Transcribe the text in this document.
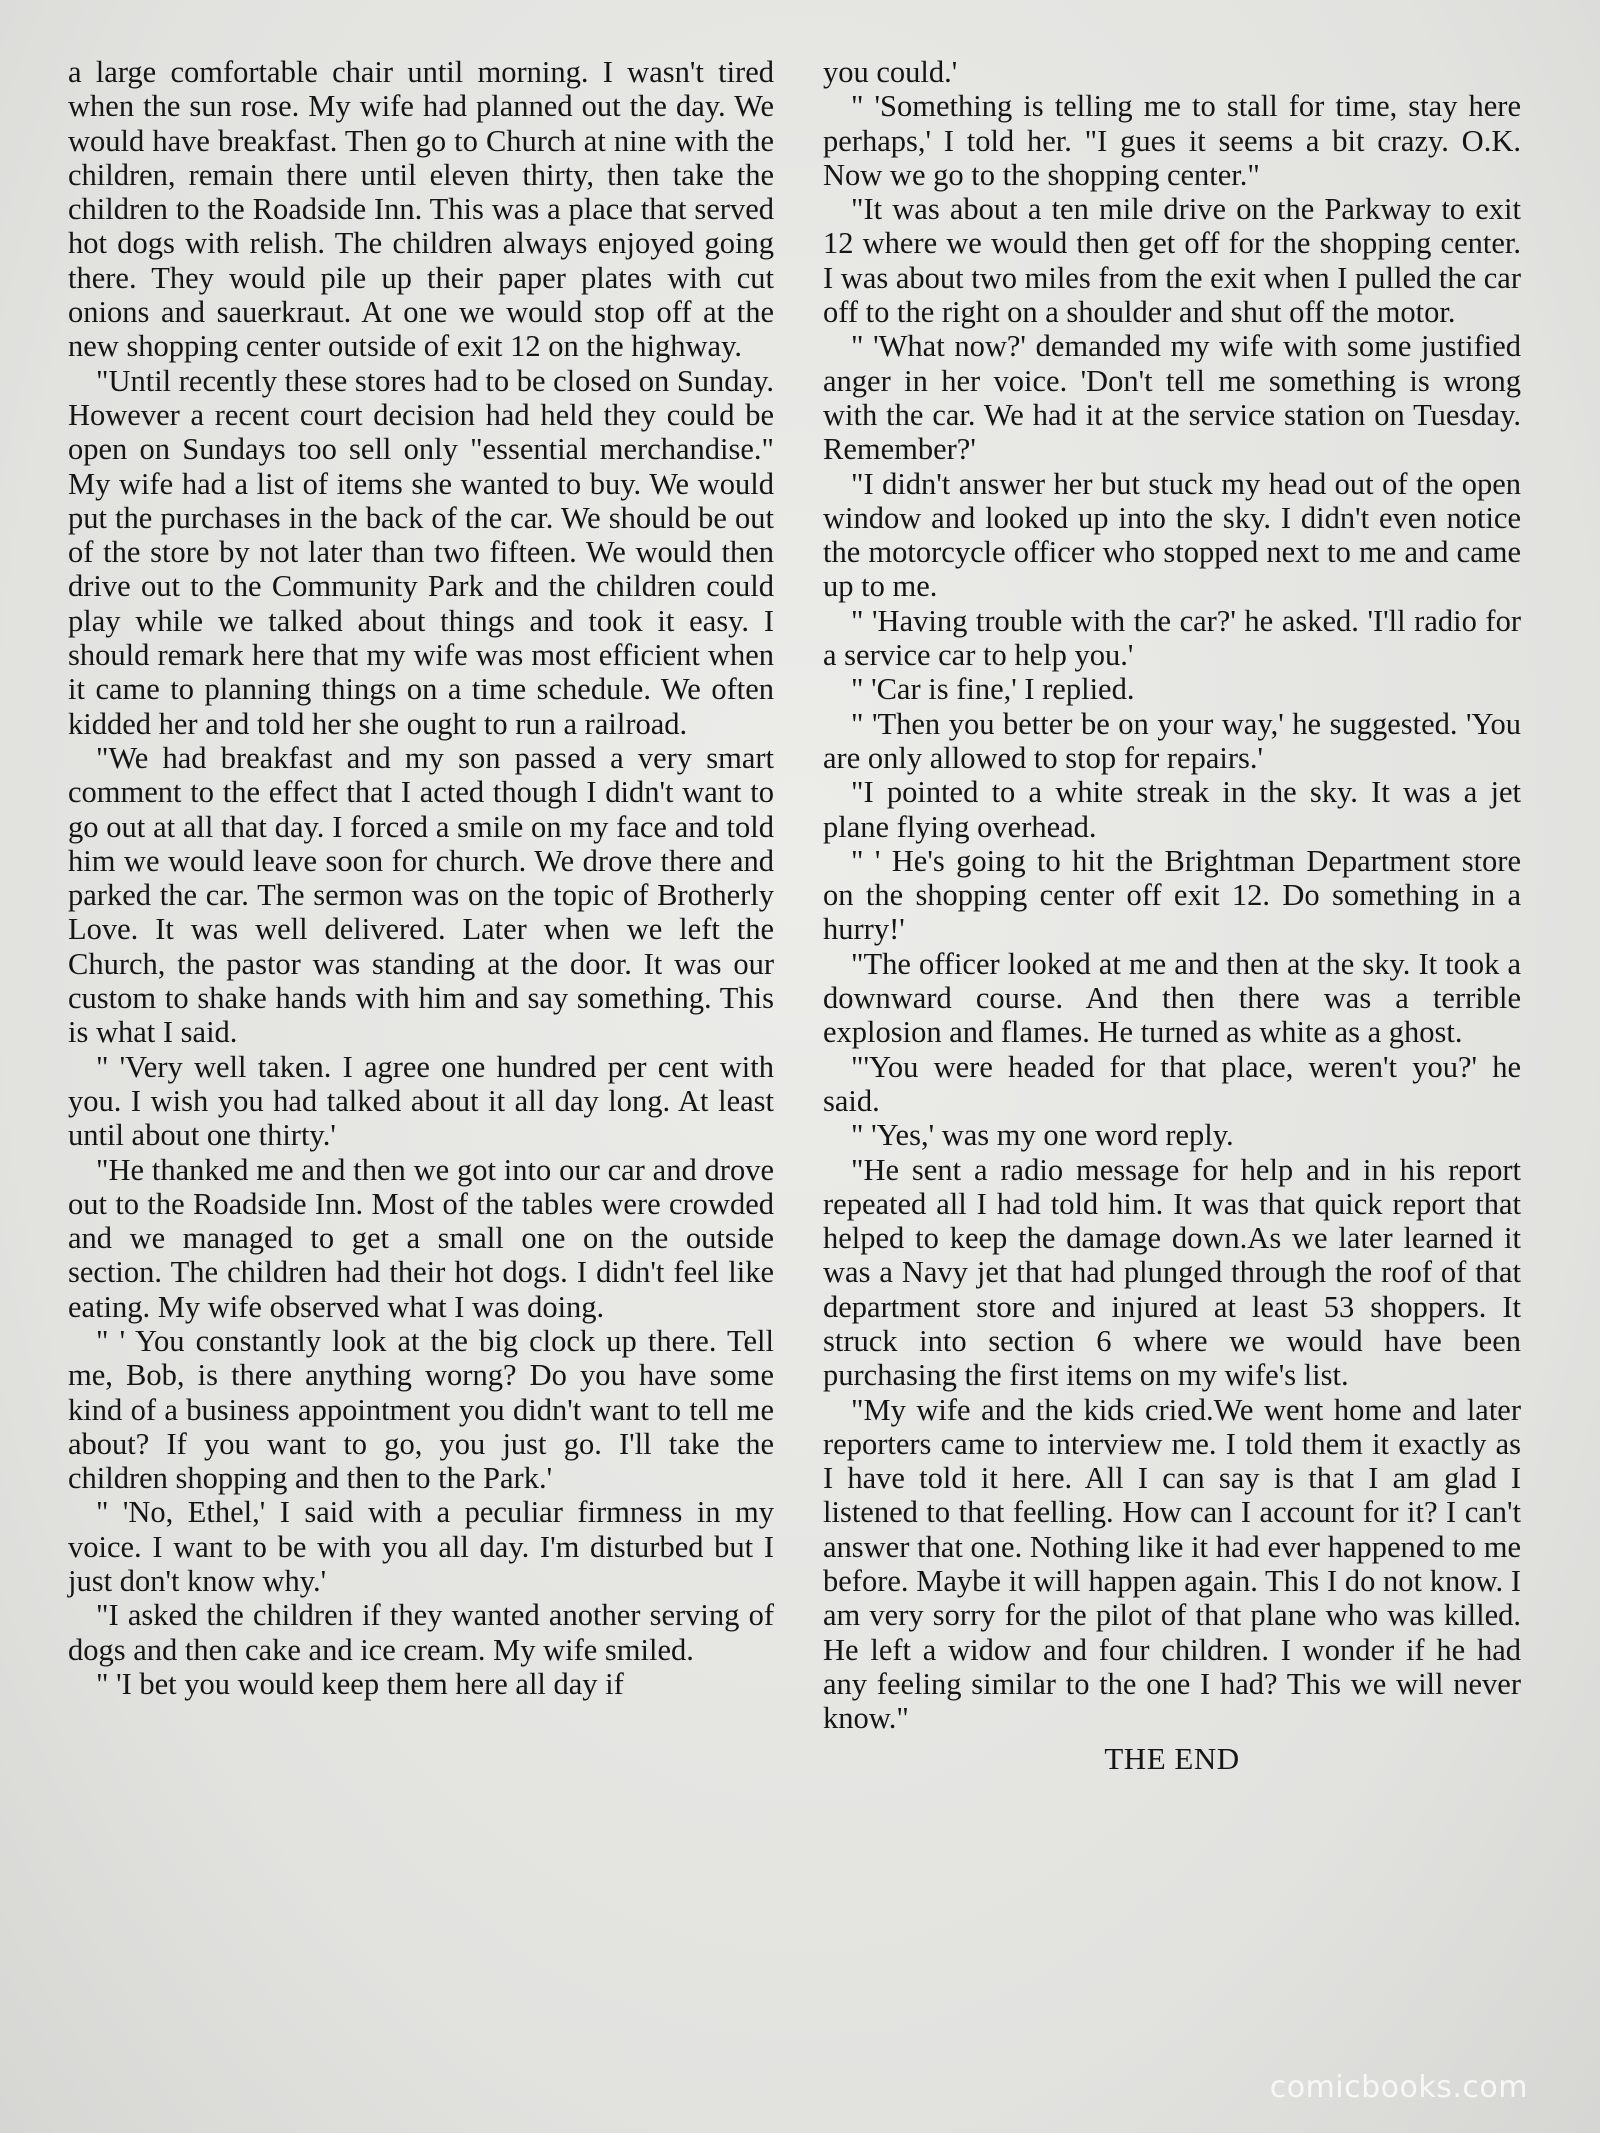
a large comfortable chair until morning. I wasn't tired when the sun rose. My wife had planned out the day. We would have breakfast. Then go to Church at nine with the children, remain there until eleven thirty, then take the children to the Roadside Inn. This was a place that served hot dogs with relish. The children always enjoyed going there. They would pile up their paper plates with cut onions and sauerkraut. At one we would stop off at the new shopping center outside of exit 12 on the highway.

"Until recently these stores had to be closed on Sunday. However a recent court decision had held they could be open on Sundays too sell only "essential merchandise." My wife had a list of items she wanted to buy. We would put the purchases in the back of the car. We should be out of the store by not later than two fifteen. We would then drive out to the Community Park and the children could play while we talked about things and took it easy. I should remark here that my wife was most efficient when it came to planning things on a time schedule. We often kidded her and told her she ought to run a railroad.

"We had breakfast and my son passed a very smart comment to the effect that I acted though I didn't want to go out at all that day. I forced a smile on my face and told him we would leave soon for church. We drove there and parked the car. The sermon was on the topic of Brotherly Love. It was well delivered. Later when we left the Church, the pastor was standing at the door. It was our custom to shake hands with him and say something. This is what I said.

" 'Very well taken. I agree one hundred per cent with you. I wish you had talked about it all day long. At least until about one thirty.'

"He thanked me and then we got into our car and drove out to the Roadside Inn. Most of the tables were crowded and we managed to get a small one on the outside section. The children had their hot dogs. I didn't feel like eating. My wife observed what I was doing.

" ' You constantly look at the big clock up there. Tell me, Bob, is there anything worng? Do you have some kind of a business appointment you didn't want to tell me about? If you want to go, you just go. I'll take the children shopping and then to the Park.'

" 'No, Ethel,' I said with a peculiar firmness in my voice. I want to be with you all day. I'm disturbed but I just don't know why.'

"I asked the children if they wanted another serving of dogs and then cake and ice cream. My wife smiled.

" 'I bet you would keep them here all day if

you could.'

" 'Something is telling me to stall for time, stay here perhaps,' I told her. "I gues it seems a bit crazy. O.K. Now we go to the shopping center."

"It was about a ten mile drive on the Parkway to exit 12 where we would then get off for the shopping center. I was about two miles from the exit when I pulled the car off to the right on a shoulder and shut off the motor.

" 'What now?' demanded my wife with some justified anger in her voice. 'Don't tell me something is wrong with the car. We had it at the service station on Tuesday. Remember?'

"I didn't answer her but stuck my head out of the open window and looked up into the sky. I didn't even notice the motorcycle officer who stopped next to me and came up to me.

" 'Having trouble with the car?' he asked. 'I'll radio for a service car to help you.'

" 'Car is fine,' I replied.

" 'Then you better be on your way,' he suggested. 'You are only allowed to stop for repairs.'

"I pointed to a white streak in the sky. It was a jet plane flying overhead.

" ' He's going to hit the Brightman Department store on the shopping center off exit 12. Do something in a hurry!'

"The officer looked at me and then at the sky. It took a downward course. And then there was a terrible explosion and flames. He turned as white as a ghost.

"'You were headed for that place, weren't you?' he said.

" 'Yes,' was my one word reply.

"He sent a radio message for help and in his report repeated all I had told him. It was that quick report that helped to keep the damage down.As we later learned it was a Navy jet that had plunged through the roof of that department store and injured at least 53 shoppers. It struck into section 6 where we would have been purchasing the first items on my wife's list.

"My wife and the kids cried.We went home and later reporters came to interview me. I told them it exactly as I have told it here. All I can say is that I am glad I listened to that feelling. How can I account for it? I can't answer that one. Nothing like it had ever happened to me before. Maybe it will happen again. This I do not know. I am very sorry for the pilot of that plane who was killed. He left a widow and four children. I wonder if he had any feeling similar to the one I had? This we will never know."

THE END
comicbooks.com
